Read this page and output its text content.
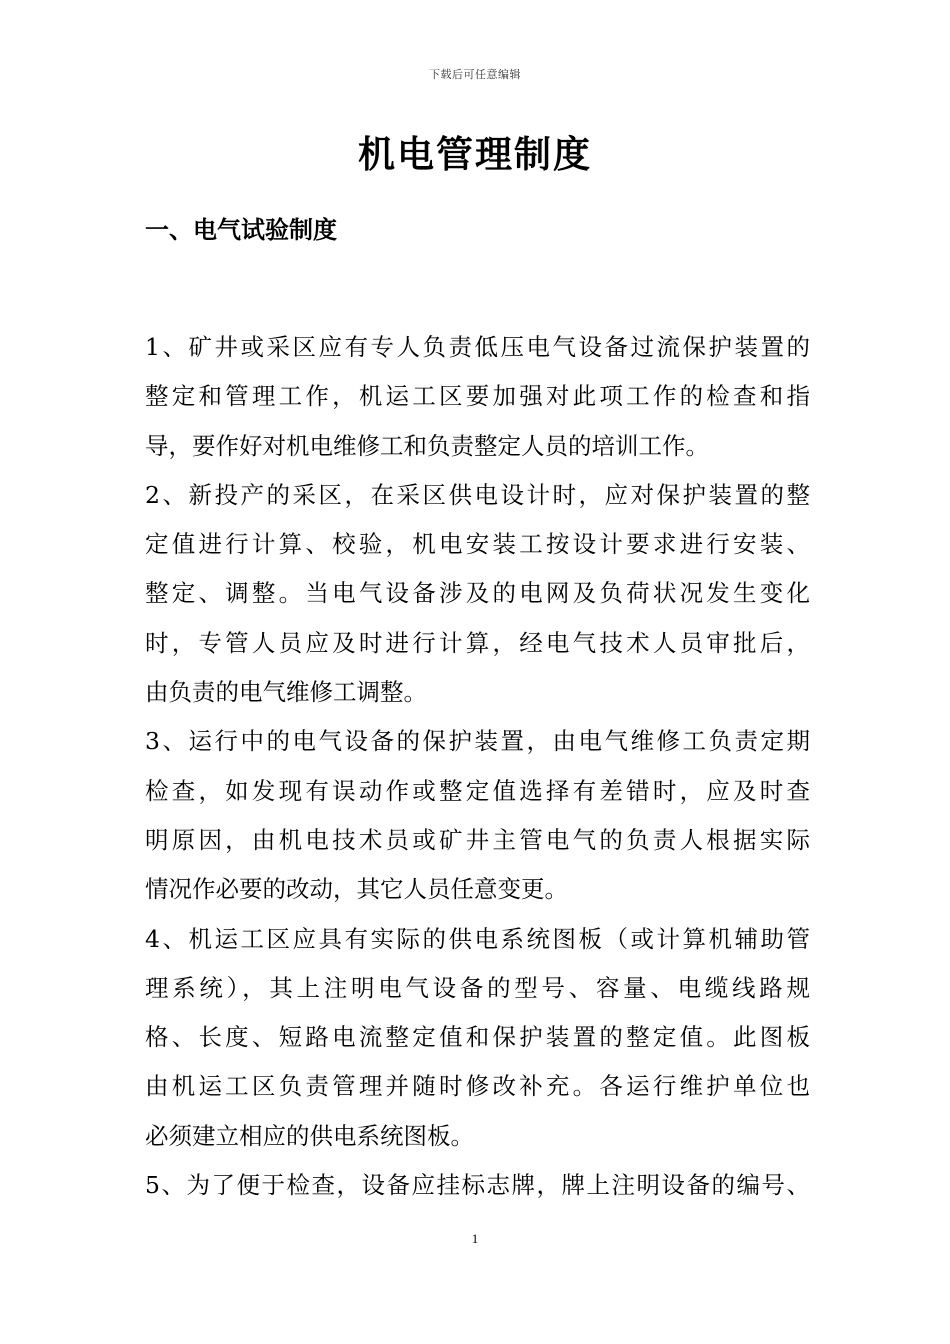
下载后可任意编辑
机电管理制度
一、电气试验制度
1、矿井或采区应有专人负责低压电气设备过流保护装置的
整定和管理工作，机运工区要加强对此项工作的检查和指
导，要作好对机电维修工和负责整定人员的培训工作。
2、新投产的采区，在采区供电设计时，应对保护装置的整
定值进行计算、校验，机电安装工按设计要求进行安装、
整定、调整。当电气设备涉及的电网及负荷状况发生变化
时，专管人员应及时进行计算，经电气技术人员审批后，
由负责的电气维修工调整。
3、运行中的电气设备的保护装置，由电气维修工负责定期
检查，如发现有误动作或整定值选择有差错时，应及时查
明原因，由机电技术员或矿井主管电气的负责人根据实际
情况作必要的改动，其它人员任意变更。
4、机运工区应具有实际的供电系统图板（或计算机辅助管
理系统），其上注明电气设备的型号、容量、电缆线路规
格、长度、短路电流整定值和保护装置的整定值。此图板
由机运工区负责管理并随时修改补充。各运行维护单位也
必须建立相应的供电系统图板。
5、为了便于检查，设备应挂标志牌，牌上注明设备的编号、
1
